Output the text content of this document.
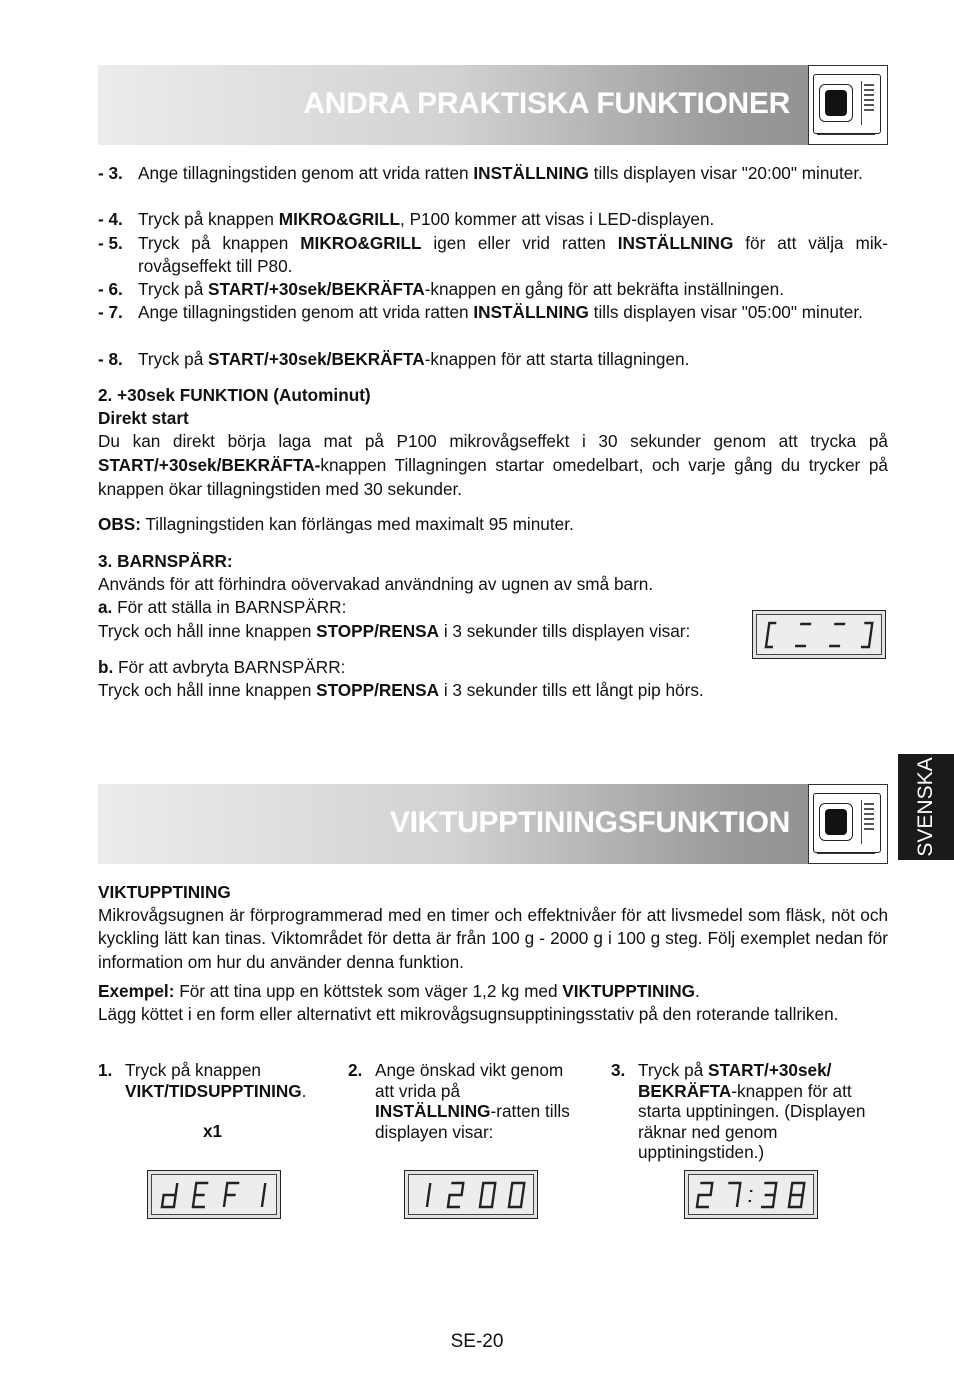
ANDRA PRAKTISKA FUNKTIONER
- 3. Ange tillagningstiden genom att vrida ratten INSTÄLLNING tills displayen visar "20:00" minuter.
- 4. Tryck på knappen MIKRO&GRILL, P100 kommer att visas i LED-displayen.
- 5. Tryck på knappen MIKRO&GRILL igen eller vrid ratten INSTÄLLNING för att välja mik-rovågseffekt till P80.
- 6. Tryck på START/+30sek/BEKRÄFTA-knappen en gång för att bekräfta inställningen.
- 7. Ange tillagningstiden genom att vrida ratten INSTÄLLNING tills displayen visar "05:00" minuter.
- 8. Tryck på START/+30sek/BEKRÄFTA-knappen för att starta tillagningen.
2. +30sek FUNKTION (Autominut)
Direkt start
Du kan direkt börja laga mat på P100 mikrovågseffekt i 30 sekunder genom att trycka på START/+30sek/BEKRÄFTA-knappen Tillagningen startar omedelbart, och varje gång du trycker på knappen ökar tillagningstiden med 30 sekunder.
OBS: Tillagningstiden kan förlängas med maximalt 95 minuter.
3. BARNSPÄRR:
Används för att förhindra oövervakad användning av ugnen av små barn.
a. För att ställa in BARNSPÄRR:
Tryck och håll inne knappen STOPP/RENSA i 3 sekunder tills displayen visar:
b. För att avbryta BARNSPÄRR:
Tryck och håll inne knappen STOPP/RENSA i 3 sekunder tills ett långt pip hörs.
VIKTUPPTININGSFUNKTION	SVENSKA
VIKTUPPTINING
Mikrovågsugnen är förprogrammerad med en timer och effektnivåer för att livsmedel som fläsk, nöt och kyckling lätt kan tinas. Viktområdet för detta är från 100 g - 2000 g i 100 g steg. Följ exemplet nedan för information om hur du använder denna funktion.
Exempel: För att tina upp en köttstek som väger 1,2 kg med VIKTUPPTINING.
Lägg köttet i en form eller alternativt ett mikrovågsugnsupptiningsstativ på den roterande tallriken.
1. Tryck på knappen
VIKT/TIDSUPPTINING.
x1
2. Ange önskad vikt genom att vrida på INSTÄLLNING-ratten tills displayen visar:
3. Tryck på START/+30sek/ BEKRÄFTA-knappen för att starta upptiningen. (Displayen räknar ned genom upptiningstiden.)
SE-20
